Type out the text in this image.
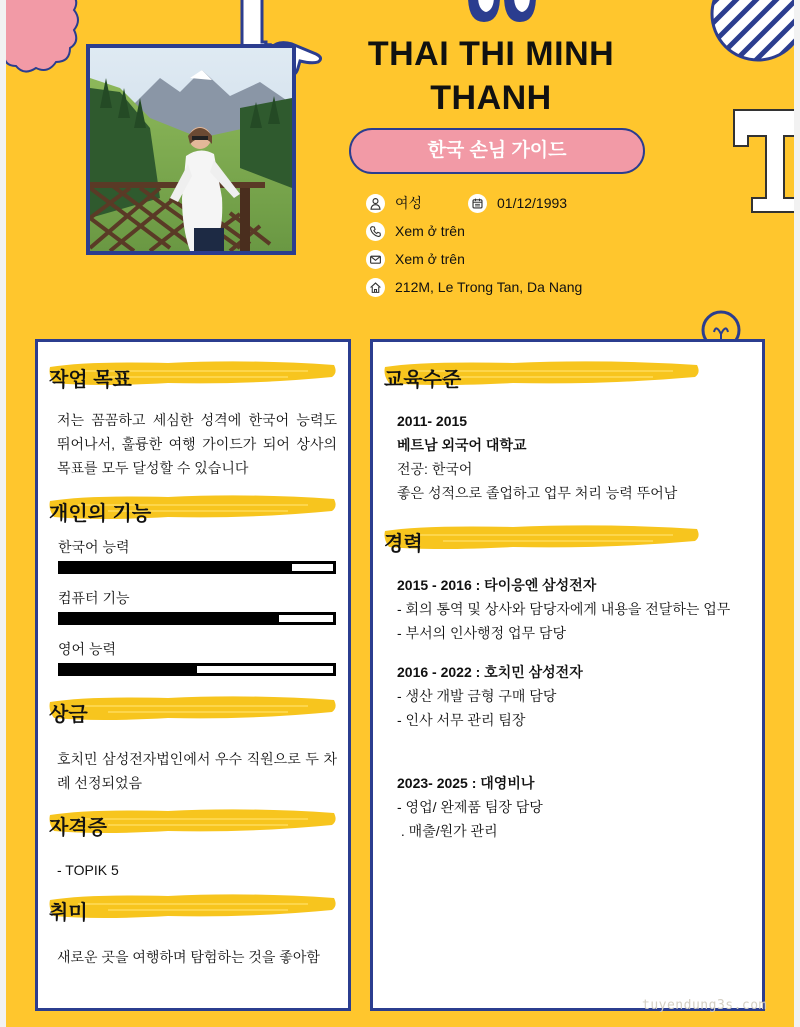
THAI THI MINH
THANH
한국 손님 가이드
여성	01/12/1993
Xem ở trên
Xem ở trên
212M, Le Trong Tan, Da Nang
작업 목표

저는 꼼꼼하고 세심한 성격에 한국어 능력도 뛰어나서, 훌륭한 여행 가이드가 되어 상사의 목표를 모두 달성할 수 있습니다

개인의 기능
한국어 능력
컴퓨터 기능
영어 능력
상금

호치민 삼성전자법인에서 우수 직원으로 두 차례 선정되었음

자격증

- TOPIK 5

취미

새로운 곳을 여행하며 탐험하는 것을 좋아함

교육수준
2011- 2015
베트남 외국어 대학교
전공: 한국어
좋은 성적으로 졸업하고 업무 처리 능력 뚜어남
경력
2015 - 2016 : 타이응엔 삼성전자
- 회의 통역 및 상사와 담당자에게 내용을 전달하는 업무
- 부서의 인사행정 업무 담당
2016 - 2022 : 호치민 삼성전자
- 생산 개발 금형 구매 담당
- 인사 서무 관리 팀장
2023- 2025 : 대영비나
- 영업/ 완제품 팀장 담당
. 매출/원가 관리
tuyendung3s.com
